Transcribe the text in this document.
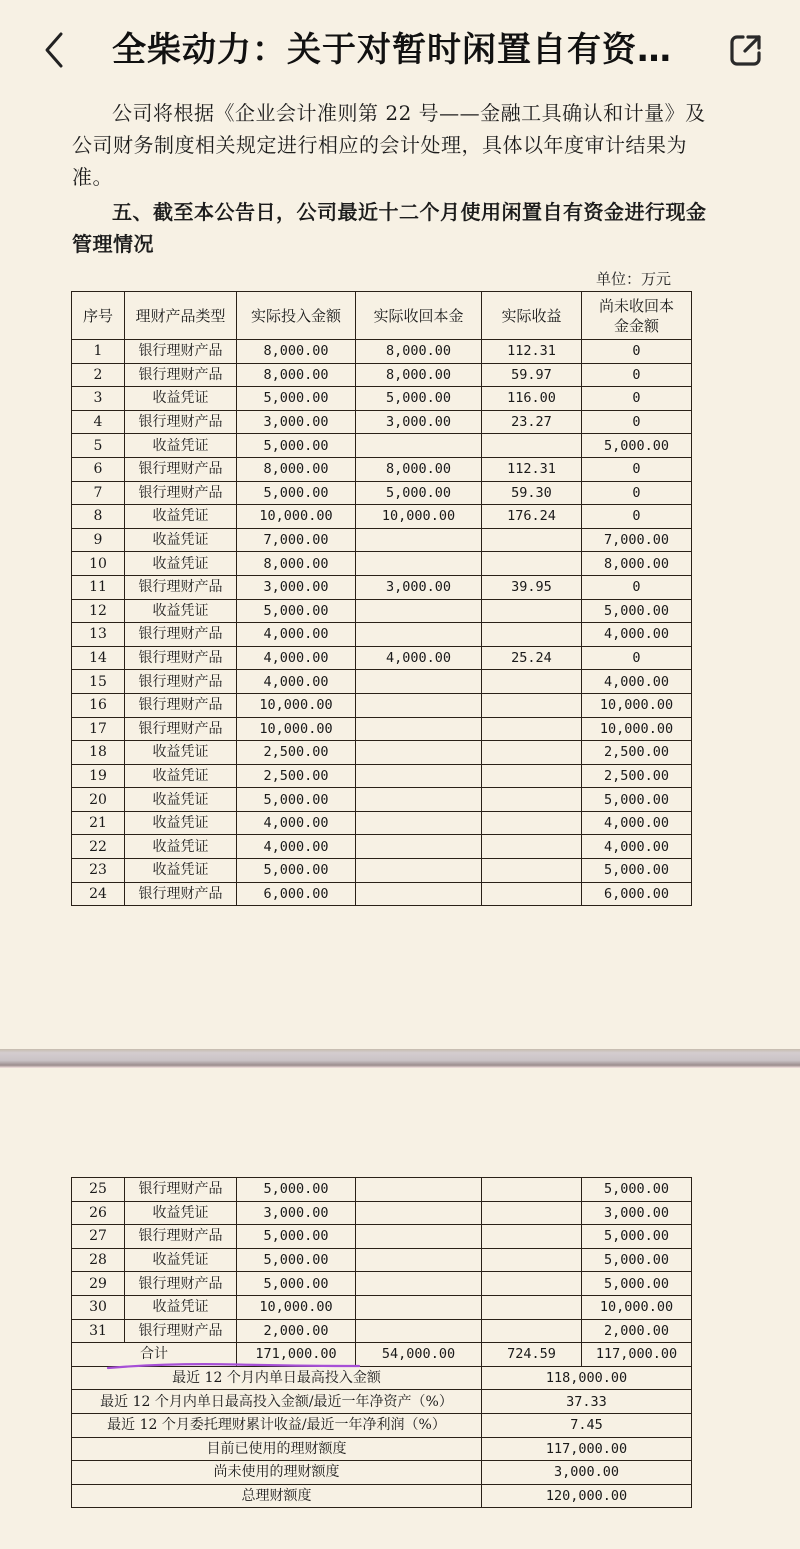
全柴动力：关于对暂时闲置自有资…
公司将根据《企业会计准则第 22 号——金融工具确认和计量》及公司财务制度相关规定进行相应的会计处理，具体以年度审计结果为准。
五、截至本公告日，公司最近十二个月使用闲置自有资金进行现金管理情况
单位：万元
序号	理财产品类型	实际投入金额	实际收回本金	实际收益	尚未收回本金金额
1	银行理财产品	8,000.00	8,000.00	112.31	0
2	银行理财产品	8,000.00	8,000.00	59.97	0
3	收益凭证	5,000.00	5,000.00	116.00	0
4	银行理财产品	3,000.00	3,000.00	23.27	0
5	收益凭证	5,000.00			5,000.00
6	银行理财产品	8,000.00	8,000.00	112.31	0
7	银行理财产品	5,000.00	5,000.00	59.30	0
8	收益凭证	10,000.00	10,000.00	176.24	0
9	收益凭证	7,000.00			7,000.00
10	收益凭证	8,000.00			8,000.00
11	银行理财产品	3,000.00	3,000.00	39.95	0
12	收益凭证	5,000.00			5,000.00
13	银行理财产品	4,000.00			4,000.00
14	银行理财产品	4,000.00	4,000.00	25.24	0
15	银行理财产品	4,000.00			4,000.00
16	银行理财产品	10,000.00			10,000.00
17	银行理财产品	10,000.00			10,000.00
18	收益凭证	2,500.00			2,500.00
19	收益凭证	2,500.00			2,500.00
20	收益凭证	5,000.00			5,000.00
21	收益凭证	4,000.00			4,000.00
22	收益凭证	4,000.00			4,000.00
23	收益凭证	5,000.00			5,000.00
24	银行理财产品	6,000.00			6,000.00
25	银行理财产品	5,000.00			5,000.00
26	收益凭证	3,000.00			3,000.00
27	银行理财产品	5,000.00			5,000.00
28	收益凭证	5,000.00			5,000.00
29	银行理财产品	5,000.00			5,000.00
30	收益凭证	10,000.00			10,000.00
31	银行理财产品	2,000.00			2,000.00
合计		171,000.00	54,000.00	724.59	117,000.00
最近 12 个月内单日最高投入金额				118,000.00	
最近 12 个月内单日最高投入金额/最近一年净资产（%）				37.33	
最近 12 个月委托理财累计收益/最近一年净利润（%）				7.45	
目前已使用的理财额度				117,000.00	
尚未使用的理财额度				3,000.00	
总理财额度				120,000.00	
